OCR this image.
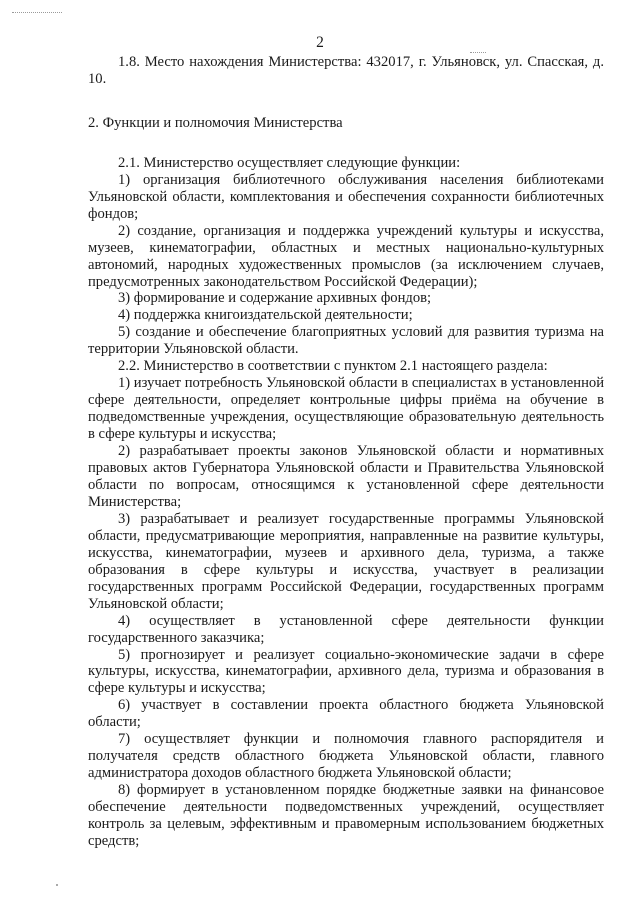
2

1.8. Место нахождения Министерства: 432017, г. Ульяновск, ул. Спасская, д. 10.

2. Функции и полномочия Министерства

2.1. Министерство осуществляет следующие функции:

1) организация библиотечного обслуживания населения библиотеками Ульяновской области, комплектования и обеспечения сохранности библиотечных фондов;

2) создание, организация и поддержка учреждений культуры и искусства, музеев, кинематографии, областных и местных национально-культурных автономий, народных художественных промыслов (за исключением случаев, предусмотренных законодательством Российской Федерации);

3) формирование и содержание архивных фондов;

4) поддержка книгоиздательской деятельности;

5) создание и обеспечение благоприятных условий для развития туризма на территории Ульяновской области.

2.2. Министерство в соответствии с пунктом 2.1 настоящего раздела:

1) изучает потребность Ульяновской области в специалистах в установленной сфере деятельности, определяет контрольные цифры приёма на обучение в подведомственные учреждения, осуществляющие образовательную деятельность в сфере культуры и искусства;

2) разрабатывает проекты законов Ульяновской области и нормативных правовых актов Губернатора Ульяновской области и Правительства Ульяновской области по вопросам, относящимся к установленной сфере деятельности Министерства;

3) разрабатывает и реализует государственные программы Ульяновской области, предусматривающие мероприятия, направленные на развитие культуры, искусства, кинематографии, музеев и архивного дела, туризма, а также образования в сфере культуры и искусства, участвует в реализации государственных программ Российской Федерации, государственных программ Ульяновской области;

4) осуществляет в установленной сфере деятельности функции государственного заказчика;

5) прогнозирует и реализует социально-экономические задачи в сфере культуры, искусства, кинематографии, архивного дела, туризма и образования в сфере культуры и искусства;

6) участвует в составлении проекта областного бюджета Ульяновской области;

7) осуществляет функции и полномочия главного распорядителя и получателя средств областного бюджета Ульяновской области, главного администратора доходов областного бюджета Ульяновской области;

8) формирует в установленном порядке бюджетные заявки на финансовое обеспечение деятельности подведомственных учреждений, осуществляет контроль за целевым, эффективным и правомерным использованием бюджетных средств;
